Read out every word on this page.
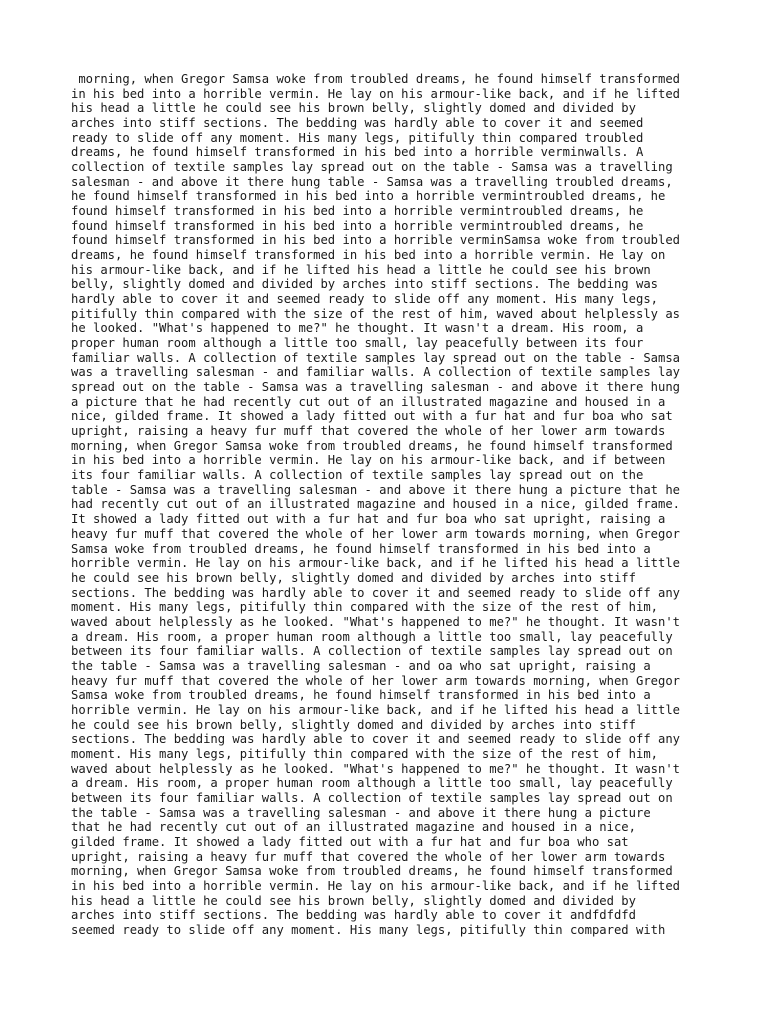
morning, when Gregor Samsa woke from troubled dreams, he found himself transformed
in his bed into a horrible vermin. He lay on his armour-like back, and if he lifted
his head a little he could see his brown belly, slightly domed and divided by
arches into stiff sections. The bedding was hardly able to cover it and seemed
ready to slide off any moment. His many legs, pitifully thin compared troubled
dreams, he found himself transformed in his bed into a horrible verminwalls. A
collection of textile samples lay spread out on the table - Samsa was a travelling
salesman - and above it there hung table - Samsa was a travelling troubled dreams,
he found himself transformed in his bed into a horrible vermintroubled dreams, he
found himself transformed in his bed into a horrible vermintroubled dreams, he
found himself transformed in his bed into a horrible vermintroubled dreams, he
found himself transformed in his bed into a horrible verminSamsa woke from troubled
dreams, he found himself transformed in his bed into a horrible vermin. He lay on
his armour-like back, and if he lifted his head a little he could see his brown
belly, slightly domed and divided by arches into stiff sections. The bedding was
hardly able to cover it and seemed ready to slide off any moment. His many legs,
pitifully thin compared with the size of the rest of him, waved about helplessly as
he looked. "What's happened to me?" he thought. It wasn't a dream. His room, a
proper human room although a little too small, lay peacefully between its four
familiar walls. A collection of textile samples lay spread out on the table - Samsa
was a travelling salesman - and familiar walls. A collection of textile samples lay
spread out on the table - Samsa was a travelling salesman - and above it there hung
a picture that he had recently cut out of an illustrated magazine and housed in a
nice, gilded frame. It showed a lady fitted out with a fur hat and fur boa who sat
upright, raising a heavy fur muff that covered the whole of her lower arm towards
morning, when Gregor Samsa woke from troubled dreams, he found himself transformed
in his bed into a horrible vermin. He lay on his armour-like back, and if between
its four familiar walls. A collection of textile samples lay spread out on the
table - Samsa was a travelling salesman - and above it there hung a picture that he
had recently cut out of an illustrated magazine and housed in a nice, gilded frame.
It showed a lady fitted out with a fur hat and fur boa who sat upright, raising a
heavy fur muff that covered the whole of her lower arm towards morning, when Gregor
Samsa woke from troubled dreams, he found himself transformed in his bed into a
horrible vermin. He lay on his armour-like back, and if he lifted his head a little
he could see his brown belly, slightly domed and divided by arches into stiff
sections. The bedding was hardly able to cover it and seemed ready to slide off any
moment. His many legs, pitifully thin compared with the size of the rest of him,
waved about helplessly as he looked. "What's happened to me?" he thought. It wasn't
a dream. His room, a proper human room although a little too small, lay peacefully
between its four familiar walls. A collection of textile samples lay spread out on
the table - Samsa was a travelling salesman - and oa who sat upright, raising a
heavy fur muff that covered the whole of her lower arm towards morning, when Gregor
Samsa woke from troubled dreams, he found himself transformed in his bed into a
horrible vermin. He lay on his armour-like back, and if he lifted his head a little
he could see his brown belly, slightly domed and divided by arches into stiff
sections. The bedding was hardly able to cover it and seemed ready to slide off any
moment. His many legs, pitifully thin compared with the size of the rest of him,
waved about helplessly as he looked. "What's happened to me?" he thought. It wasn't
a dream. His room, a proper human room although a little too small, lay peacefully
between its four familiar walls. A collection of textile samples lay spread out on
the table - Samsa was a travelling salesman - and above it there hung a picture
that he had recently cut out of an illustrated magazine and housed in a nice,
gilded frame. It showed a lady fitted out with a fur hat and fur boa who sat
upright, raising a heavy fur muff that covered the whole of her lower arm towards
morning, when Gregor Samsa woke from troubled dreams, he found himself transformed
in his bed into a horrible vermin. He lay on his armour-like back, and if he lifted
his head a little he could see his brown belly, slightly domed and divided by
arches into stiff sections. The bedding was hardly able to cover it andfdfdfd
seemed ready to slide off any moment. His many legs, pitifully thin compared with
